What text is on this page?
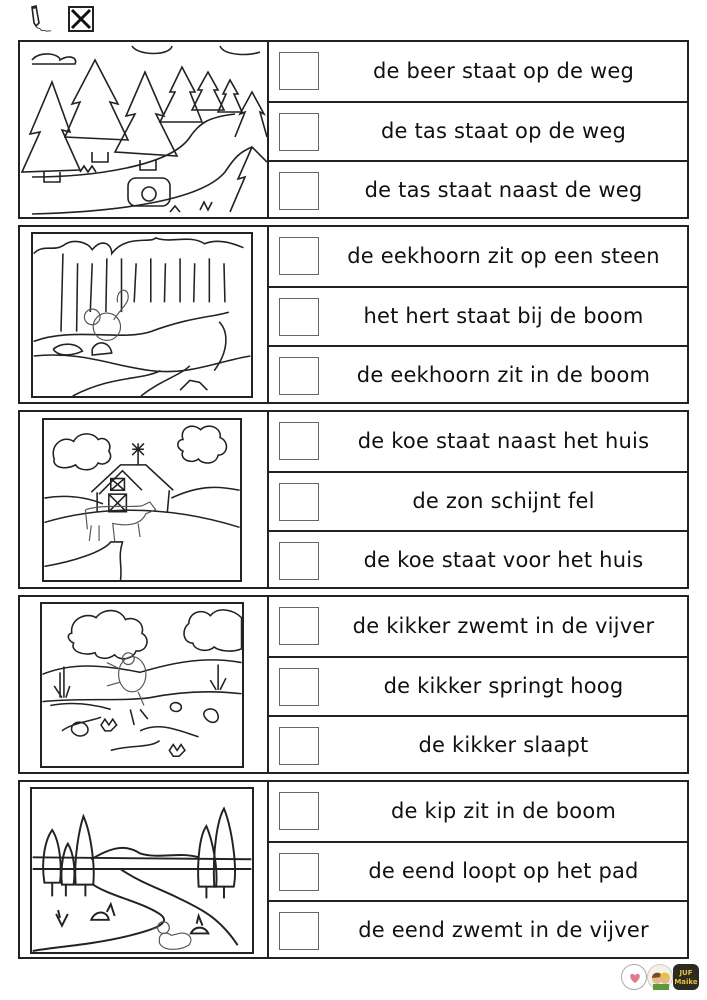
de beer staat op de weg
de tas staat op de weg
de tas staat naast de weg
de eekhoorn zit op een steen
het hert staat bij de boom
de eekhoorn zit in de boom
de koe staat naast het huis
de zon schijnt fel
de koe staat voor het huis
de kikker zwemt in de vijver
de kikker springt hoog
de kikker slaapt
de kip zit in de boom
de eend loopt op het pad
de eend zwemt in de vijver
JUF
Maike
